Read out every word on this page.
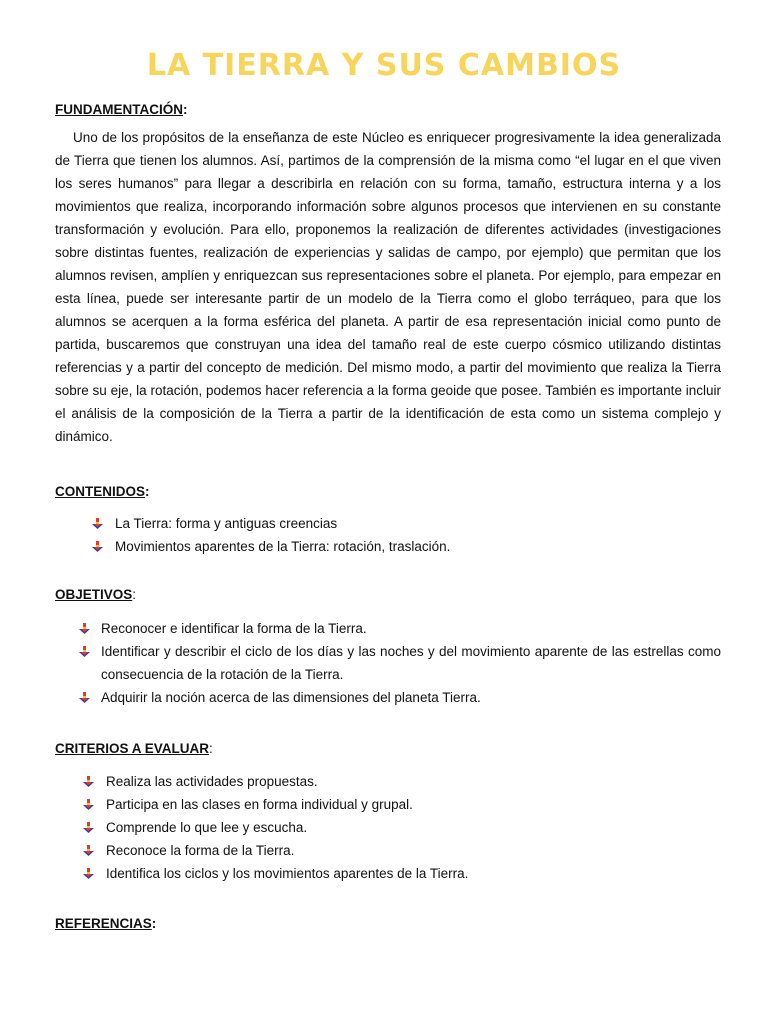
LA TIERRA Y SUS CAMBIOS

FUNDAMENTACIÓN:

Uno de los propósitos de la enseñanza de este Núcleo es enriquecer progresivamente la idea generalizada de Tierra que tienen los alumnos. Así, partimos de la comprensión de la misma como “el lugar en el que viven los seres humanos” para llegar a describirla en relación con su forma, tamaño, estructura interna y a los movimientos que realiza, incorporando información sobre algunos procesos que intervienen en su constante transformación y evolución. Para ello, proponemos la realización de diferentes actividades (investigaciones sobre distintas fuentes, realización de experiencias y salidas de campo, por ejemplo) que permitan que los alumnos revisen, amplíen y enriquezcan sus representaciones sobre el planeta. Por ejemplo, para empezar en esta línea, puede ser interesante partir de un modelo de la Tierra como el globo terráqueo, para que los alumnos se acerquen a la forma esférica del planeta. A partir de esa representación inicial como punto de partida, buscaremos que construyan una idea del tamaño real de este cuerpo cósmico utilizando distintas referencias y a partir del concepto de medición. Del mismo modo, a partir del movimiento que realiza la Tierra sobre su eje, la rotación, podemos hacer referencia a la forma geoide que posee. También es importante incluir el análisis de la composición de la Tierra a partir de la identificación de esta como un sistema complejo y dinámico.

CONTENIDOS:

La Tierra: forma y antiguas creencias
Movimientos aparentes de la Tierra: rotación, traslación.

OBJETIVOS:

Reconocer e identificar la forma de la Tierra.
Identificar y describir el ciclo de los días y las noches y del movimiento aparente de las estrellas como consecuencia de la rotación de la Tierra.
Adquirir la noción acerca de las dimensiones del planeta Tierra.

CRITERIOS A EVALUAR:

Realiza las actividades propuestas.
Participa en las clases en forma individual y grupal.
Comprende lo que lee y escucha.
Reconoce la forma de la Tierra.
Identifica los ciclos y los movimientos aparentes de la Tierra.

REFERENCIAS:
